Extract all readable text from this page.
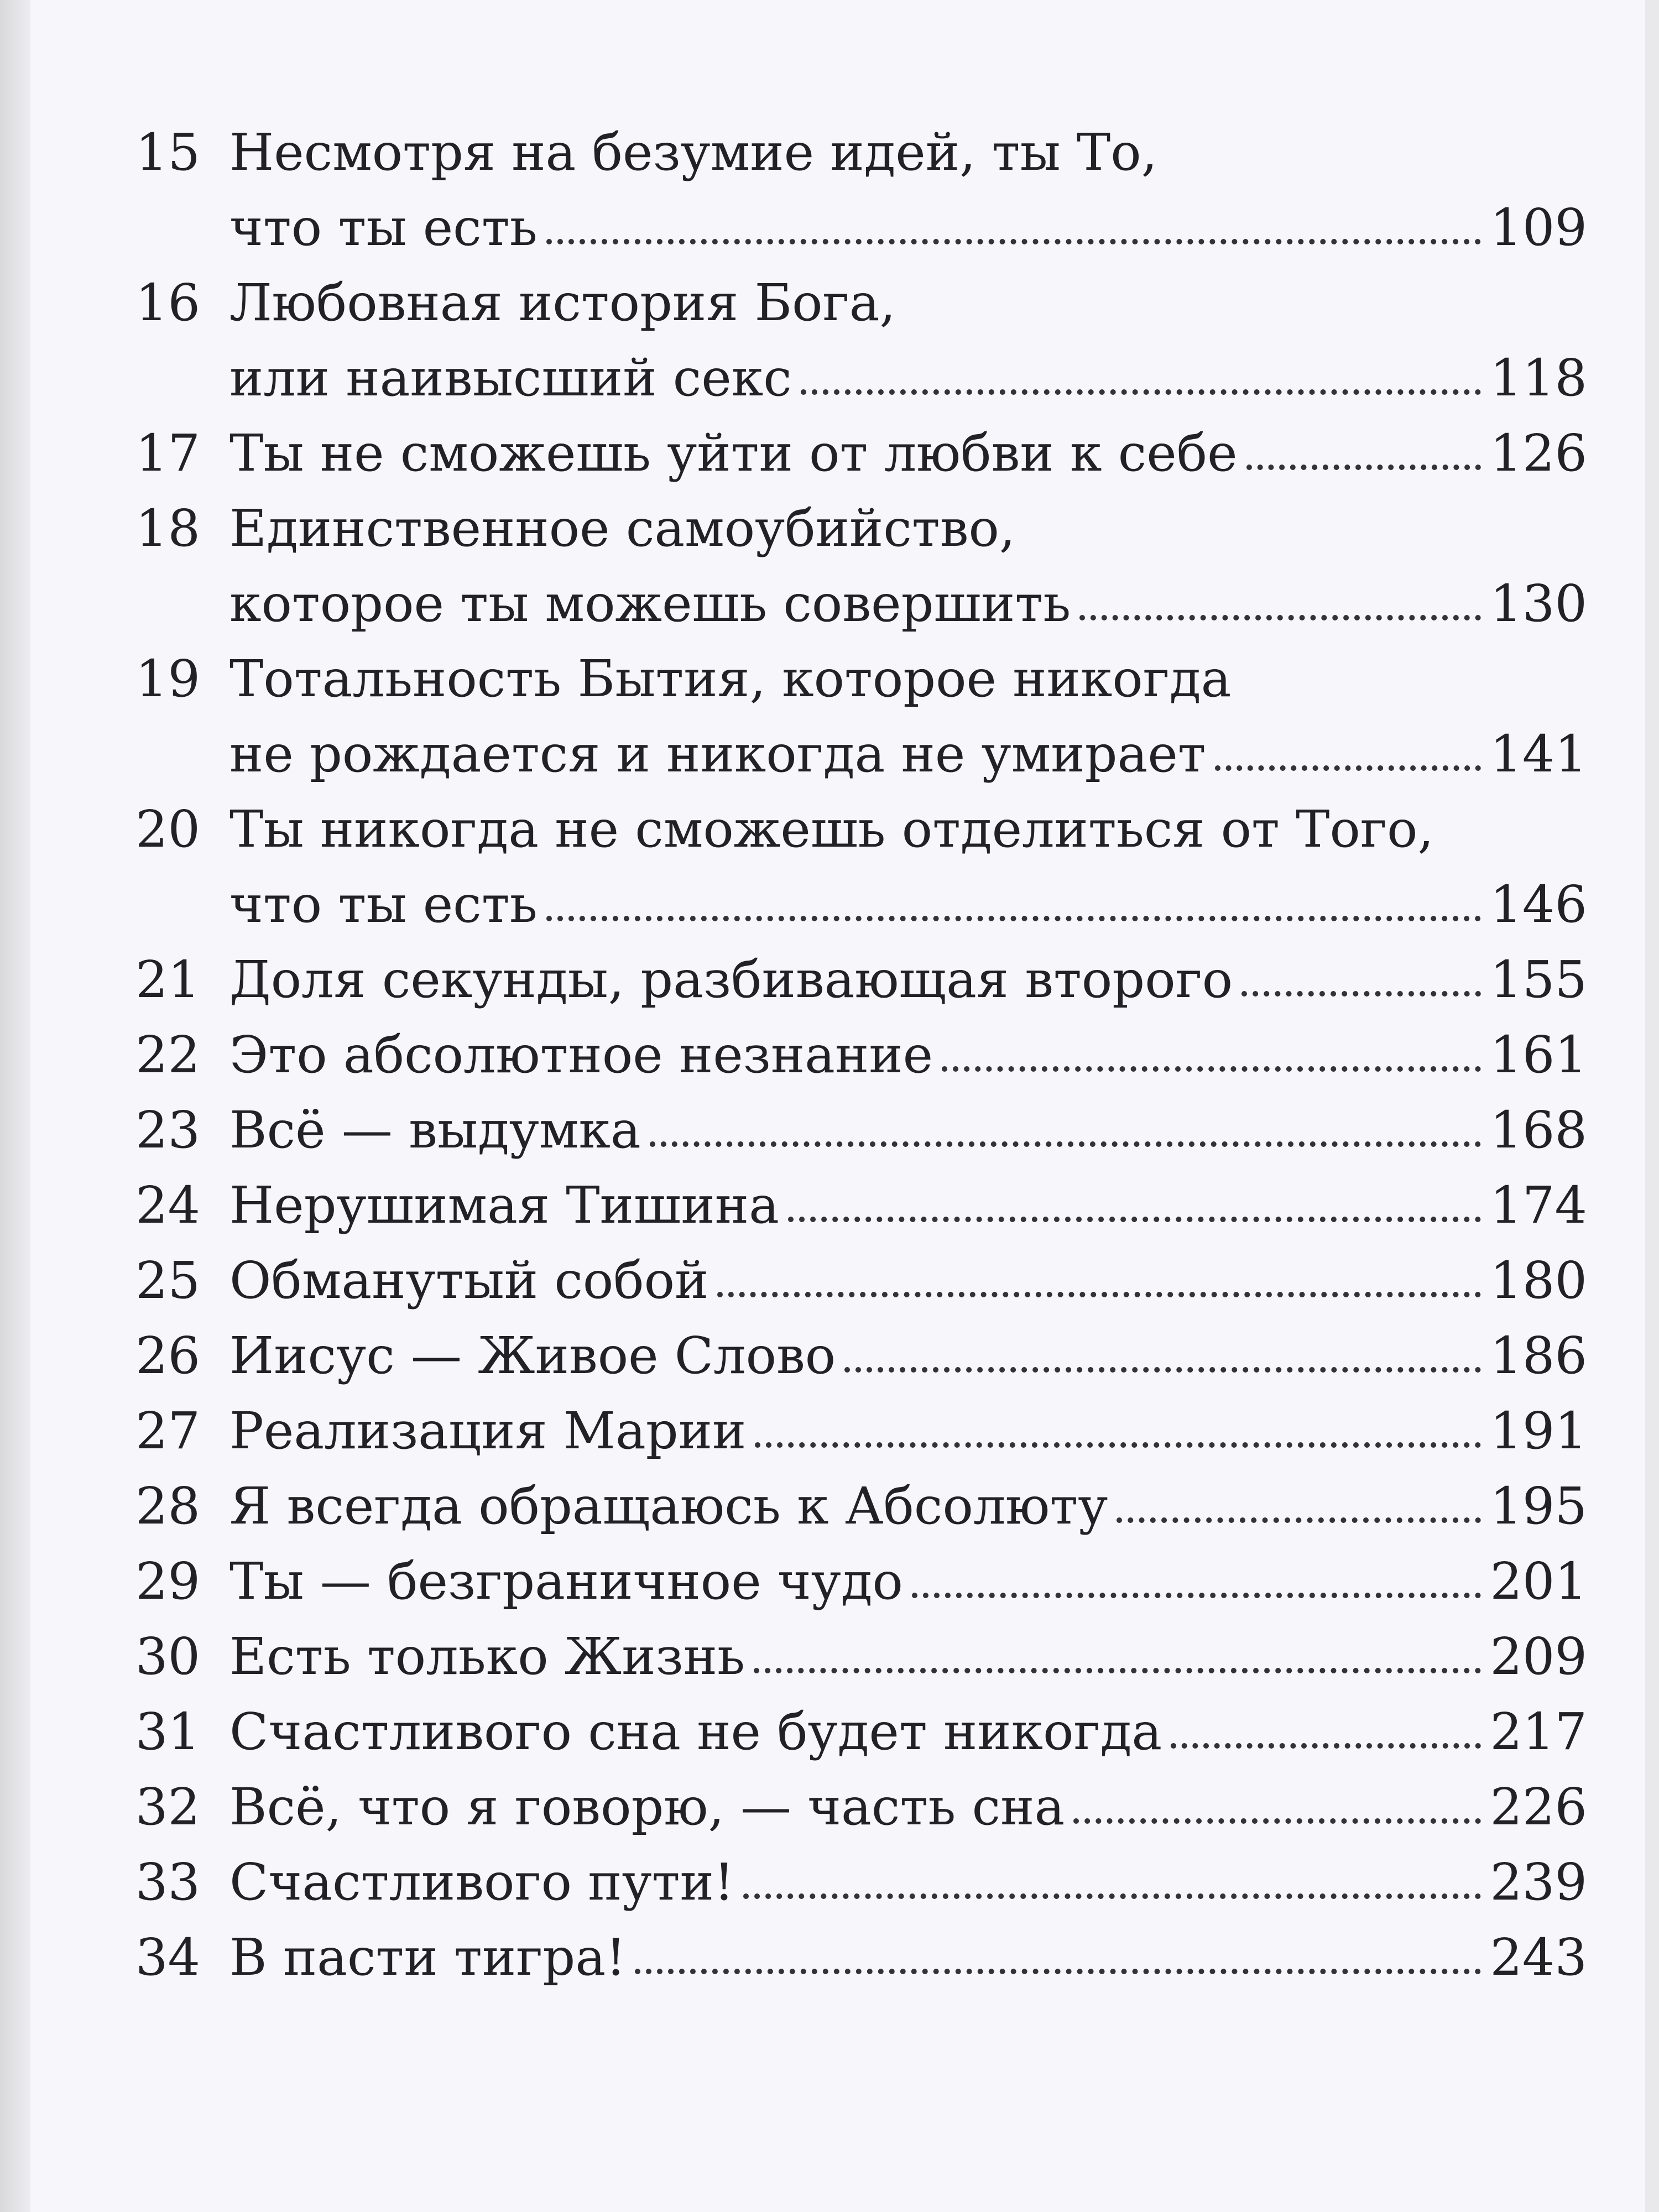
15 Несмотря на безумие идей, ты То,
что ты есть	109
16 Любовная история Бога,
или наивысший секс	118
17 Ты не сможешь уйти от любви к себе	126
18 Единственное самоубийство,
которое ты можешь совершить	130
19 Тотальность Бытия, которое никогда
не рождается и никогда не умирает	141
20 Ты никогда не сможешь отделиться от Того,
что ты есть	146
21 Доля секунды, разбивающая второго	155
22 Это абсолютное незнание	161
23 Всё — выдумка	168
24 Нерушимая Тишина	174
25 Обманутый собой	180
26 Иисус — Живое Слово	186
27 Реализация Марии	191
28 Я всегда обращаюсь к Абсолюту	195
29 Ты — безграничное чудо	201
30 Есть только Жизнь	209
31 Счастливого сна не будет никогда	217
32 Всё, что я говорю, — часть сна	226
33 Счастливого пути!	239
34 В пасти тигра!	243
